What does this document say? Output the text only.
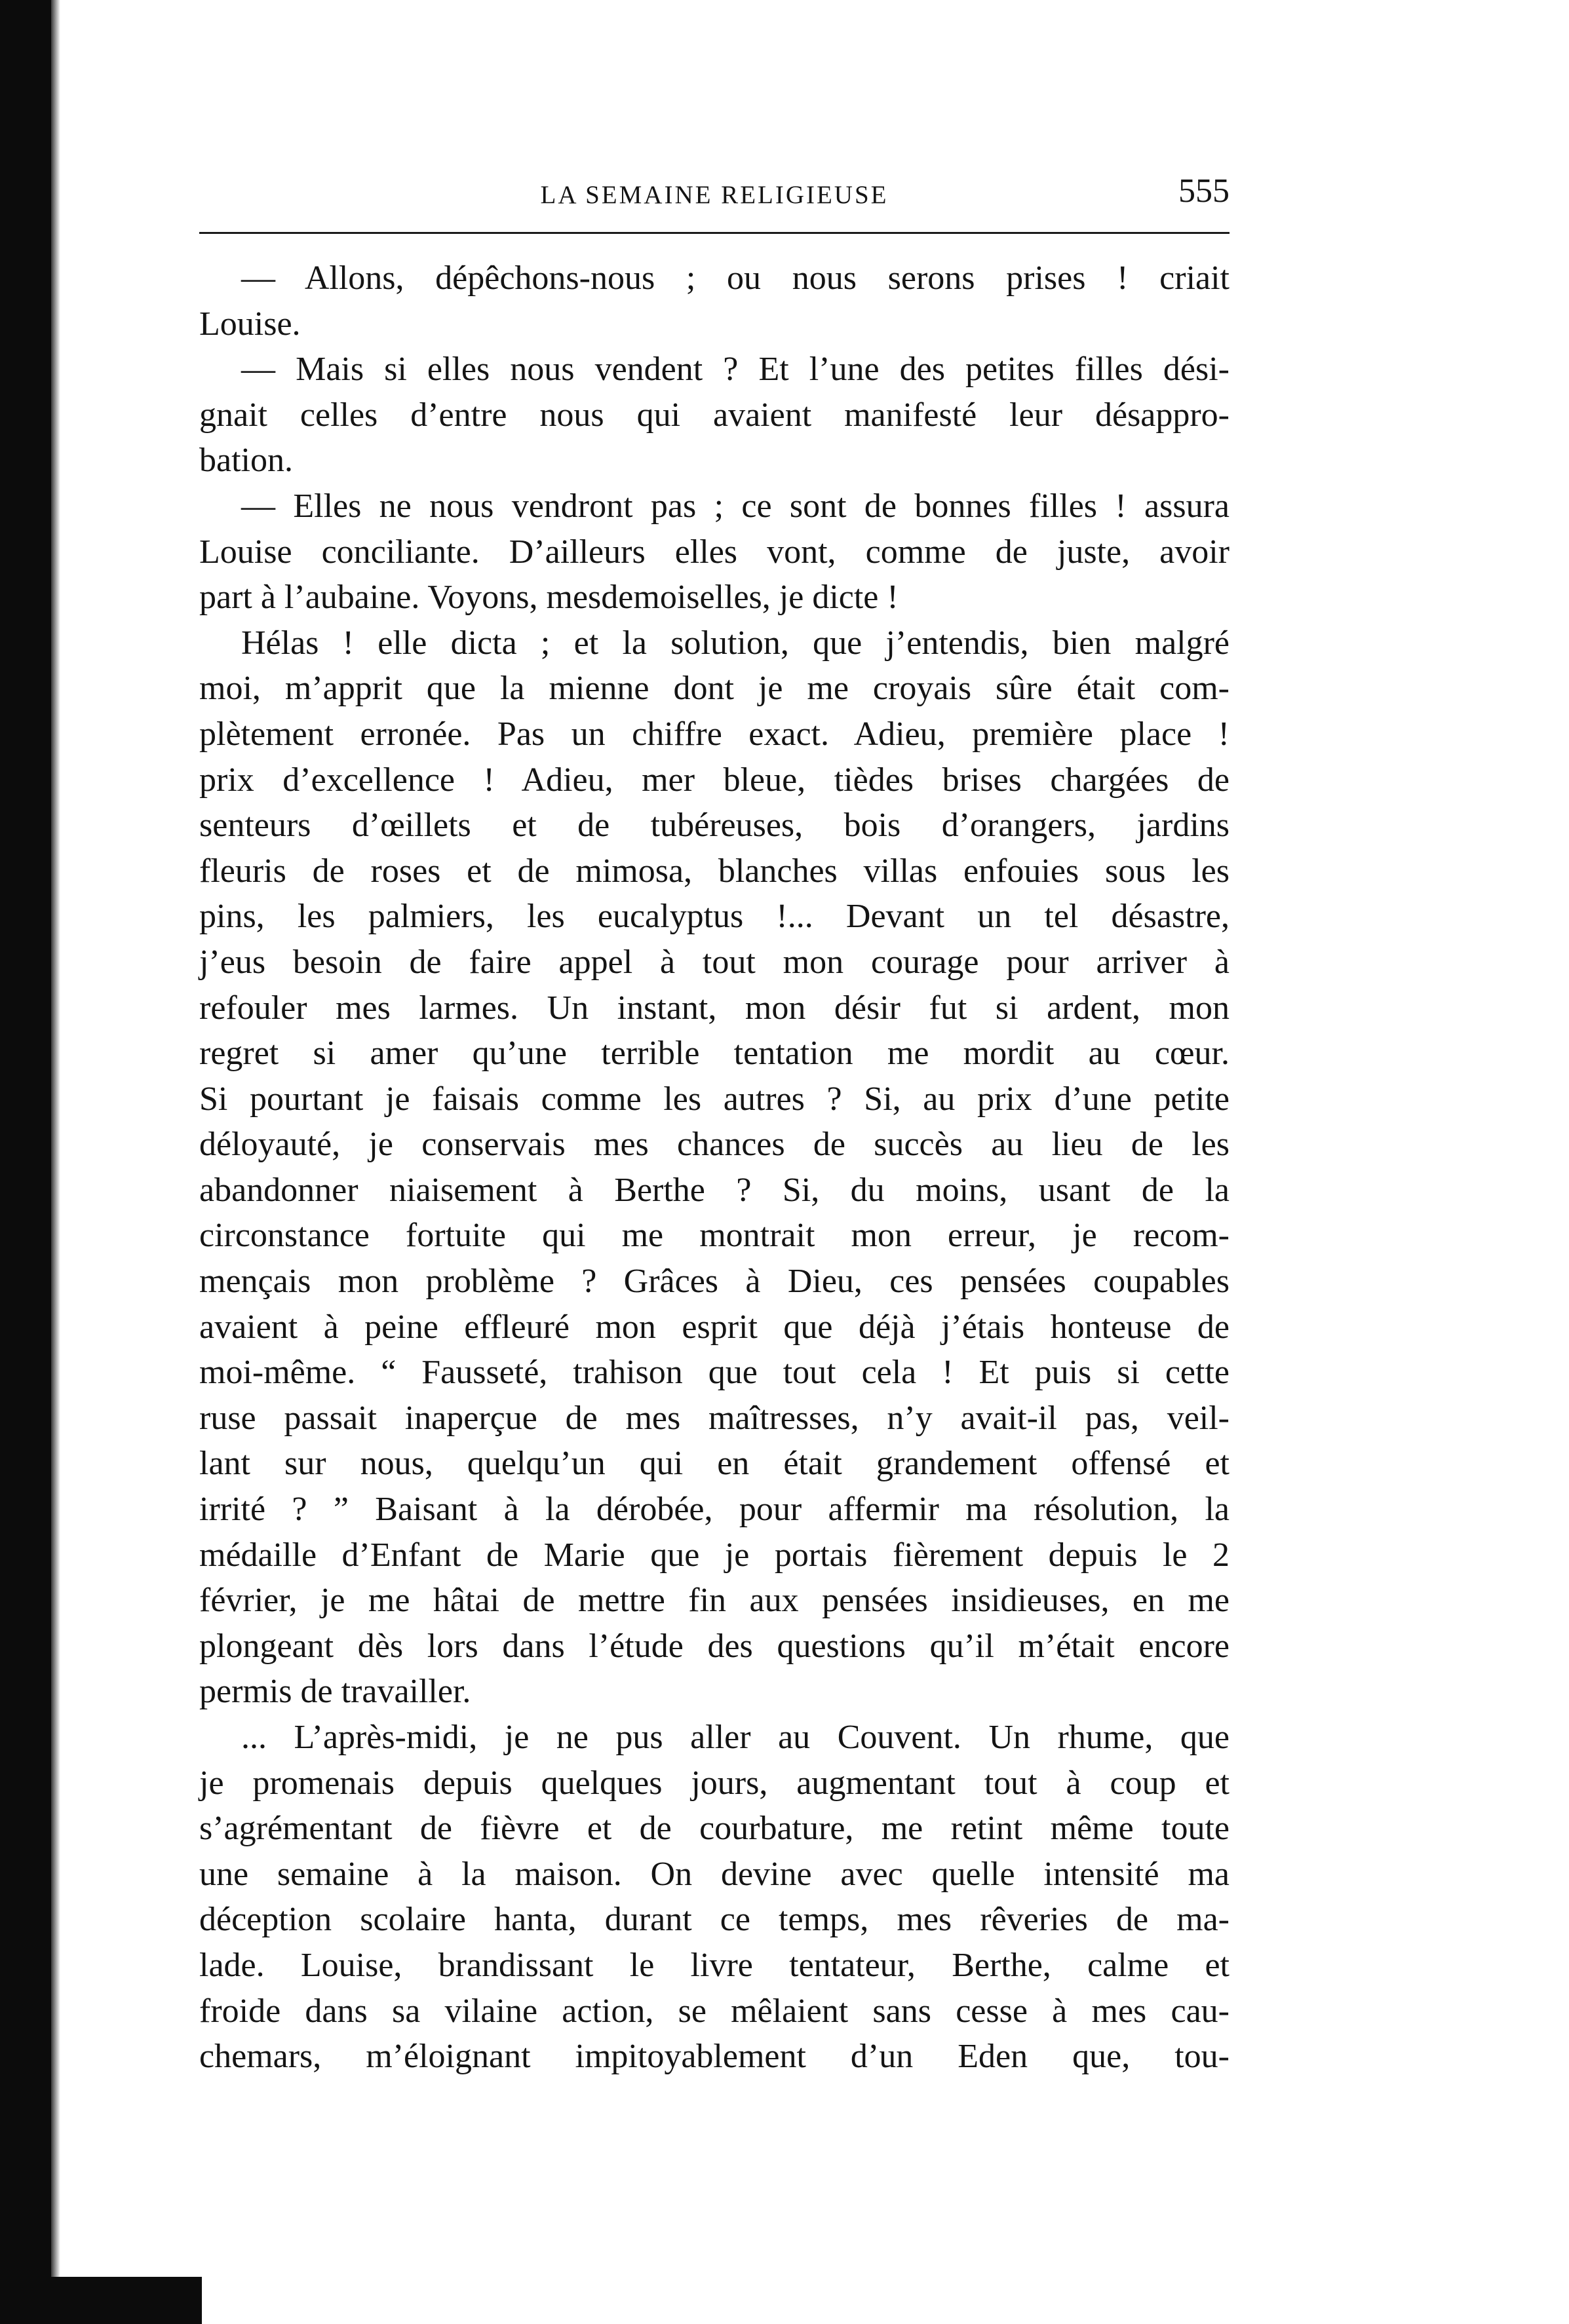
LA SEMAINE RELIGIEUSE	555
— Allons, dépêchons-nous ; ou nous serons prises ! criait
Louise.
— Mais si elles nous vendent ? Et l’une des petites filles dési-
gnait celles d’entre nous qui avaient manifesté leur désappro-
bation.
— Elles ne nous vendront pas ; ce sont de bonnes filles ! assura
Louise conciliante. D’ailleurs elles vont, comme de juste, avoir
part à l’aubaine. Voyons, mesdemoiselles, je dicte !
Hélas ! elle dicta ; et la solution, que j’entendis, bien malgré
moi, m’apprit que la mienne dont je me croyais sûre était com-
plètement erronée. Pas un chiffre exact. Adieu, première place !
prix d’excellence ! Adieu, mer bleue, tièdes brises chargées de
senteurs d’œillets et de tubéreuses, bois d’orangers, jardins
fleuris de roses et de mimosa, blanches villas enfouies sous les
pins, les palmiers, les eucalyptus !... Devant un tel désastre,
j’eus besoin de faire appel à tout mon courage pour arriver à
refouler mes larmes. Un instant, mon désir fut si ardent, mon
regret si amer qu’une terrible tentation me mordit au cœur.
Si pourtant je faisais comme les autres ? Si, au prix d’une petite
déloyauté, je conservais mes chances de succès au lieu de les
abandonner niaisement à Berthe ? Si, du moins, usant de la
circonstance fortuite qui me montrait mon erreur, je recom-
mençais mon problème ? Grâces à Dieu, ces pensées coupables
avaient à peine effleuré mon esprit que déjà j’étais honteuse de
moi-même. “ Fausseté, trahison que tout cela ! Et puis si cette
ruse passait inaperçue de mes maîtresses, n’y avait-il pas, veil-
lant sur nous, quelqu’un qui en était grandement offensé et
irrité ? ” Baisant à la dérobée, pour affermir ma résolution, la
médaille d’Enfant de Marie que je portais fièrement depuis le 2
février, je me hâtai de mettre fin aux pensées insidieuses, en me
plongeant dès lors dans l’étude des questions qu’il m’était encore
permis de travailler.
... L’après-midi, je ne pus aller au Couvent. Un rhume, que
je promenais depuis quelques jours, augmentant tout à coup et
s’agrémentant de fièvre et de courbature, me retint même toute
une semaine à la maison. On devine avec quelle intensité ma
déception scolaire hanta, durant ce temps, mes rêveries de ma-
lade. Louise, brandissant le livre tentateur, Berthe, calme et
froide dans sa vilaine action, se mêlaient sans cesse à mes cau-
chemars, m’éloignant impitoyablement d’un Eden que, tou-
